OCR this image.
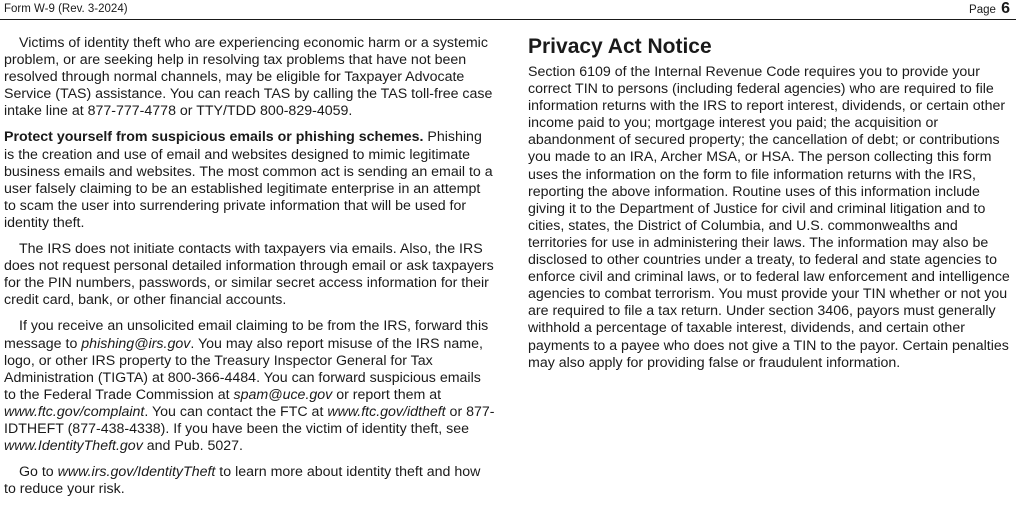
Form W-9 (Rev. 3-2024)	Page 6

Victims of identity theft who are experiencing economic harm or a systemic problem, or are seeking help in resolving tax problems that have not been resolved through normal channels, may be eligible for Taxpayer Advocate Service (TAS) assistance. You can reach TAS by calling the TAS toll-free case intake line at 877-777-4778 or TTY/TDD 800-829-4059.

Protect yourself from suspicious emails or phishing schemes. Phishing is the creation and use of email and websites designed to mimic legitimate business emails and websites. The most common act is sending an email to a user falsely claiming to be an established legitimate enterprise in an attempt to scam the user into surrendering private information that will be used for identity theft.

The IRS does not initiate contacts with taxpayers via emails. Also, the IRS does not request personal detailed information through email or ask taxpayers for the PIN numbers, passwords, or similar secret access information for their credit card, bank, or other financial accounts.

If you receive an unsolicited email claiming to be from the IRS, forward this message to phishing@irs.gov. You may also report misuse of the IRS name, logo, or other IRS property to the Treasury Inspector General for Tax Administration (TIGTA) at 800-366-4484. You can forward suspicious emails to the Federal Trade Commission at spam@uce.gov or report them at www.ftc.gov/complaint. You can contact the FTC at www.ftc.gov/idtheft or 877-IDTHEFT (877-438-4338). If you have been the victim of identity theft, see www.IdentityTheft.gov and Pub. 5027.

Go to www.irs.gov/IdentityTheft to learn more about identity theft and how to reduce your risk.

Privacy Act Notice

Section 6109 of the Internal Revenue Code requires you to provide your correct TIN to persons (including federal agencies) who are required to file information returns with the IRS to report interest, dividends, or certain other income paid to you; mortgage interest you paid; the acquisition or abandonment of secured property; the cancellation of debt; or contributions you made to an IRA, Archer MSA, or HSA. The person collecting this form uses the information on the form to file information returns with the IRS, reporting the above information. Routine uses of this information include giving it to the Department of Justice for civil and criminal litigation and to cities, states, the District of Columbia, and U.S. commonwealths and territories for use in administering their laws. The information may also be disclosed to other countries under a treaty, to federal and state agencies to enforce civil and criminal laws, or to federal law enforcement and intelligence agencies to combat terrorism. You must provide your TIN whether or not you are required to file a tax return. Under section 3406, payors must generally withhold a percentage of taxable interest, dividends, and certain other payments to a payee who does not give a TIN to the payor. Certain penalties may also apply for providing false or fraudulent information.
